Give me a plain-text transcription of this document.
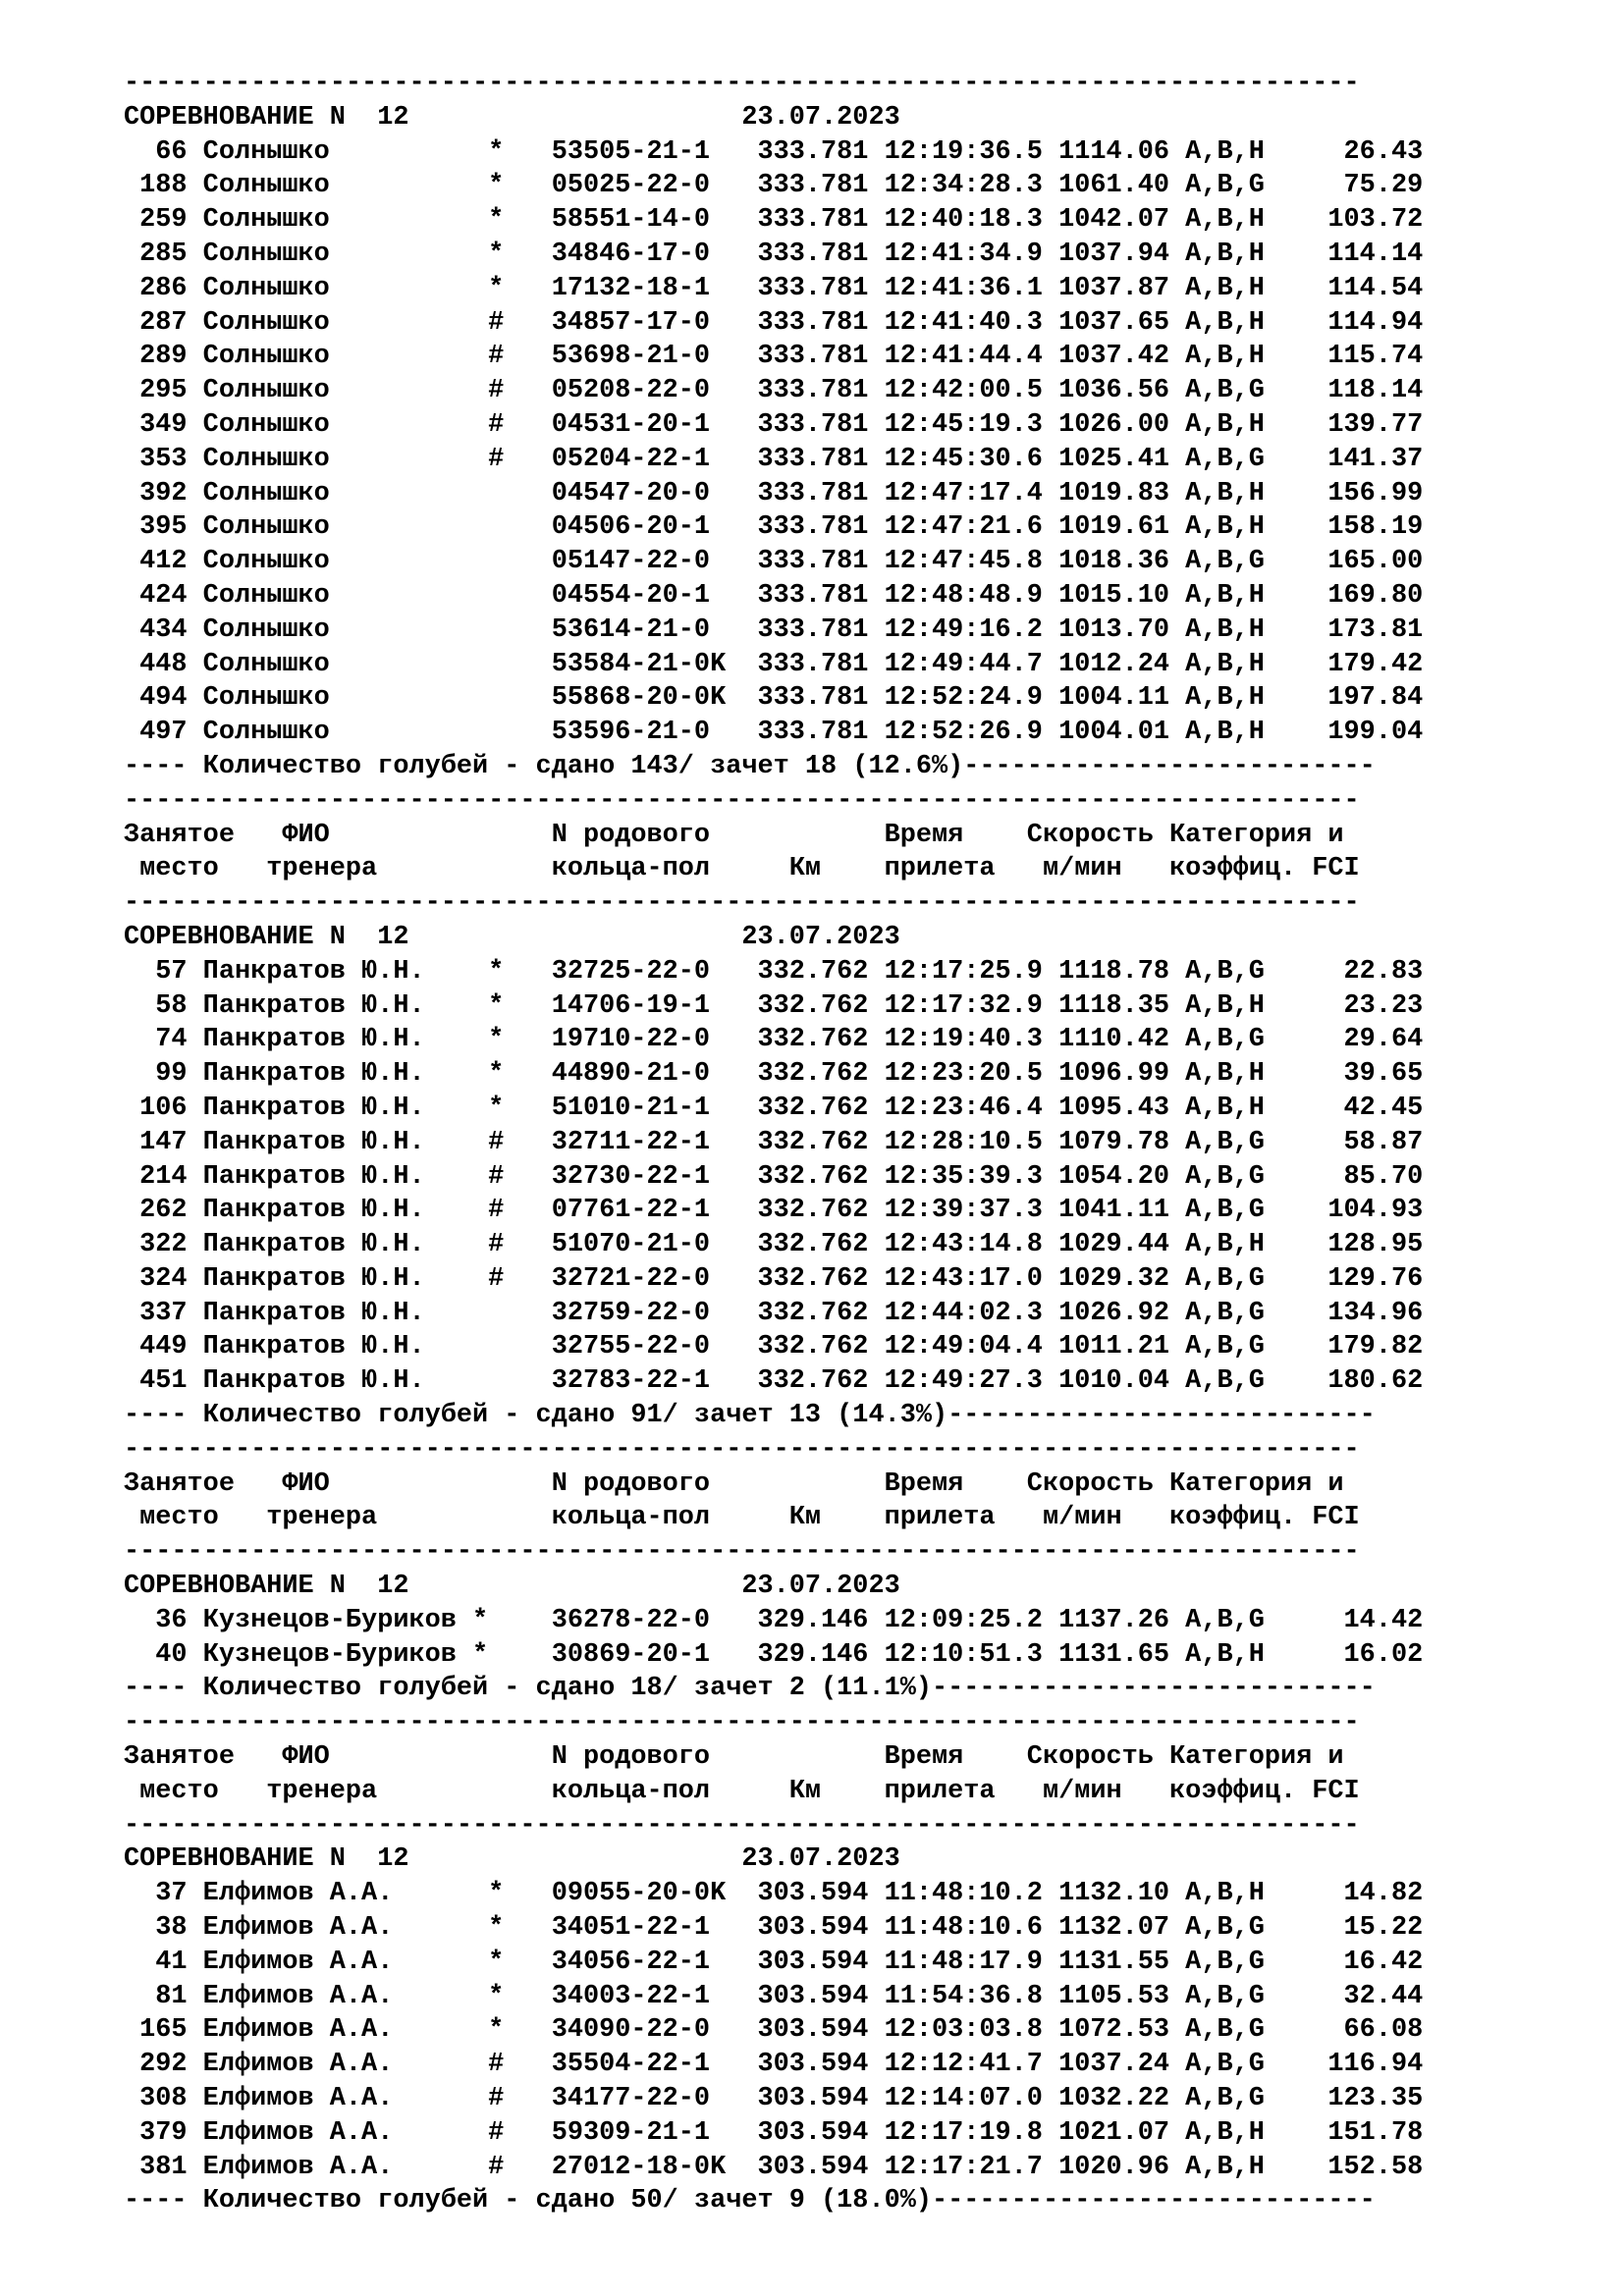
------------------------------------------------------------------------------
СОРЕВНОВАНИЕ N  12                     23.07.2023
66 Солнышко          *   53505-21-1   333.781 12:19:36.5 1114.06 A,B,H     26.43
188 Солнышко          *   05025-22-0   333.781 12:34:28.3 1061.40 A,B,G     75.29
259 Солнышко          *   58551-14-0   333.781 12:40:18.3 1042.07 A,B,H    103.72
285 Солнышко          *   34846-17-0   333.781 12:41:34.9 1037.94 A,B,H    114.14
286 Солнышко          *   17132-18-1   333.781 12:41:36.1 1037.87 A,B,H    114.54
287 Солнышко          #   34857-17-0   333.781 12:41:40.3 1037.65 A,B,H    114.94
289 Солнышко          #   53698-21-0   333.781 12:41:44.4 1037.42 A,B,H    115.74
295 Солнышко          #   05208-22-0   333.781 12:42:00.5 1036.56 A,B,G    118.14
349 Солнышко          #   04531-20-1   333.781 12:45:19.3 1026.00 A,B,H    139.77
353 Солнышко          #   05204-22-1   333.781 12:45:30.6 1025.41 A,B,G    141.37
392 Солнышко              04547-20-0   333.781 12:47:17.4 1019.83 A,B,H    156.99
395 Солнышко              04506-20-1   333.781 12:47:21.6 1019.61 A,B,H    158.19
412 Солнышко              05147-22-0   333.781 12:47:45.8 1018.36 A,B,G    165.00
424 Солнышко              04554-20-1   333.781 12:48:48.9 1015.10 A,B,H    169.80
434 Солнышко              53614-21-0   333.781 12:49:16.2 1013.70 A,B,H    173.81
448 Солнышко              53584-21-0K  333.781 12:49:44.7 1012.24 A,B,H    179.42
494 Солнышко              55868-20-0K  333.781 12:52:24.9 1004.11 A,B,H    197.84
497 Солнышко              53596-21-0   333.781 12:52:26.9 1004.01 A,B,H    199.04
---- Количество голубей - сдано 143/ зачет 18 (12.6%)--------------------------
------------------------------------------------------------------------------
Занятое   ФИО              N родового           Время    Скорость Категория и
место   тренера           кольца-пол     Км    прилета   м/мин   коэффиц. FCI
------------------------------------------------------------------------------
СОРЕВНОВАНИЕ N  12                     23.07.2023
57 Панкратов Ю.Н.    *   32725-22-0   332.762 12:17:25.9 1118.78 A,B,G     22.83
58 Панкратов Ю.Н.    *   14706-19-1   332.762 12:17:32.9 1118.35 A,B,H     23.23
74 Панкратов Ю.Н.    *   19710-22-0   332.762 12:19:40.3 1110.42 A,B,G     29.64
99 Панкратов Ю.Н.    *   44890-21-0   332.762 12:23:20.5 1096.99 A,B,H     39.65
106 Панкратов Ю.Н.    *   51010-21-1   332.762 12:23:46.4 1095.43 A,B,H     42.45
147 Панкратов Ю.Н.    #   32711-22-1   332.762 12:28:10.5 1079.78 A,B,G     58.87
214 Панкратов Ю.Н.    #   32730-22-1   332.762 12:35:39.3 1054.20 A,B,G     85.70
262 Панкратов Ю.Н.    #   07761-22-1   332.762 12:39:37.3 1041.11 A,B,G    104.93
322 Панкратов Ю.Н.    #   51070-21-0   332.762 12:43:14.8 1029.44 A,B,H    128.95
324 Панкратов Ю.Н.    #   32721-22-0   332.762 12:43:17.0 1029.32 A,B,G    129.76
337 Панкратов Ю.Н.        32759-22-0   332.762 12:44:02.3 1026.92 A,B,G    134.96
449 Панкратов Ю.Н.        32755-22-0   332.762 12:49:04.4 1011.21 A,B,G    179.82
451 Панкратов Ю.Н.        32783-22-1   332.762 12:49:27.3 1010.04 A,B,G    180.62
---- Количество голубей - сдано 91/ зачет 13 (14.3%)---------------------------
------------------------------------------------------------------------------
Занятое   ФИО              N родового           Время    Скорость Категория и
место   тренера           кольца-пол     Км    прилета   м/мин   коэффиц. FCI
------------------------------------------------------------------------------
СОРЕВНОВАНИЕ N  12                     23.07.2023
36 Кузнецов-Буриков *    36278-22-0   329.146 12:09:25.2 1137.26 A,B,G     14.42
40 Кузнецов-Буриков *    30869-20-1   329.146 12:10:51.3 1131.65 A,B,H     16.02
---- Количество голубей - сдано 18/ зачет 2 (11.1%)----------------------------
------------------------------------------------------------------------------
Занятое   ФИО              N родового           Время    Скорость Категория и
место   тренера           кольца-пол     Км    прилета   м/мин   коэффиц. FCI
------------------------------------------------------------------------------
СОРЕВНОВАНИЕ N  12                     23.07.2023
37 Елфимов А.А.      *   09055-20-0K  303.594 11:48:10.2 1132.10 A,B,H     14.82
38 Елфимов А.А.      *   34051-22-1   303.594 11:48:10.6 1132.07 A,B,G     15.22
41 Елфимов А.А.      *   34056-22-1   303.594 11:48:17.9 1131.55 A,B,G     16.42
81 Елфимов А.А.      *   34003-22-1   303.594 11:54:36.8 1105.53 A,B,G     32.44
165 Елфимов А.А.      *   34090-22-0   303.594 12:03:03.8 1072.53 A,B,G     66.08
292 Елфимов А.А.      #   35504-22-1   303.594 12:12:41.7 1037.24 A,B,G    116.94
308 Елфимов А.А.      #   34177-22-0   303.594 12:14:07.0 1032.22 A,B,G    123.35
379 Елфимов А.А.      #   59309-21-1   303.594 12:17:19.8 1021.07 A,B,H    151.78
381 Елфимов А.А.      #   27012-18-0K  303.594 12:17:21.7 1020.96 A,B,H    152.58
---- Количество голубей - сдано 50/ зачет 9 (18.0%)----------------------------
